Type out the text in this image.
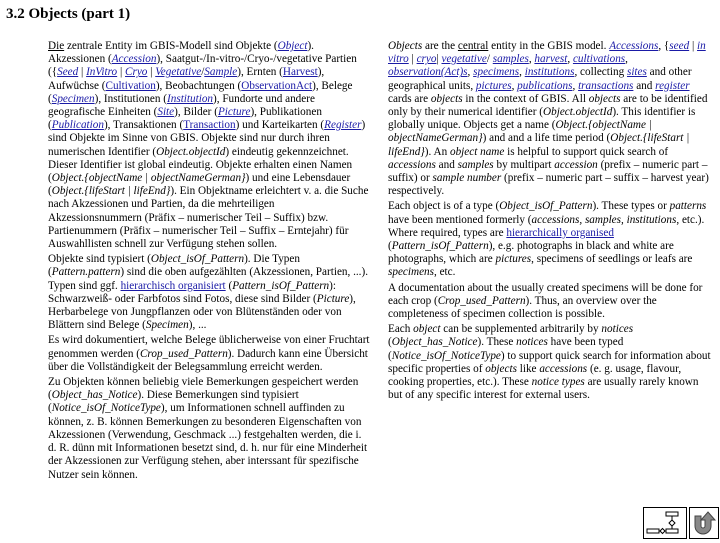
3.2 Objects (part 1)

Die zentrale Entity im GBIS-Modell sind Objekte (Object). Akzessionen (Accession), Saatgut-/In-vitro-/Cryo-/vegetative Partien ({Seed | InVitro | Cryo | Vegetative/Sample), Ernten (Harvest), Aufwüchse (Cultivation), Beobachtungen (ObservationAct), Belege (Specimen), Institutionen (Institution), Fundorte und andere geografische Einheiten (Site), Bilder (Picture), Publikationen (Publication), Transaktionen (Transaction) und Karteikarten (Register) sind Objekte im Sinne von GBIS. Objekte sind nur durch ihren numerischen Identifier (Object.objectId) eindeutig gekennzeichnet. Dieser Identifier ist global eindeutig. Objekte erhalten einen Namen (Object.{objectName | objectNameGerman}) und eine Lebensdauer (Object.{lifeStart | lifeEnd}). Ein Objektname erleichtert v. a. die Suche nach Akzessionen und Partien, da die mehrteiligen Akzessionsnummern (Präfix – numerischer Teil – Suffix) bzw. Partienummern (Präfix – numerischer Teil – Suffix – Erntejahr) für Auswahllisten schnell zur Verfügung stehen sollen.

Objekte sind typisiert (Object_isOf_Pattern). Die Typen (Pattern.pattern) sind die oben aufgezählten (Akzessionen, Partien, ...). Typen sind ggf. hierarchisch organisiert (Pattern_isOf_Pattern): Schwarzweiß- oder Farbfotos sind Fotos, diese sind Bilder (Picture), Herbarbelege von Jungpflanzen oder von Blütenständen oder von Blättern sind Belege (Specimen), ...

Es wird dokumentiert, welche Belege üblicherweise von einer Fruchtart genommen werden (Crop_used_Pattern). Dadurch kann eine Übersicht über die Vollständigkeit der Belegsammlung erreicht werden.

Zu Objekten können beliebig viele Bemerkungen gespeichert werden (Object_has_Notice). Diese Bemerkungen sind typisiert (Notice_isOf_NoticeType), um Informationen schnell auffinden zu können, z. B. können Bemerkungen zu besonderen Eigenschaften von Akzessionen (Verwendung, Geschmack ...) festgehalten werden, die i. d. R. dünn mit Informationen besetzt sind, d. h. nur für eine Minderheit der Akzessionen zur Verfügung stehen, aber interssant für spezifische Nutzer sein können.

Objects are the central entity in the GBIS model. Accessions, {seed | in vitro | cryo| vegetative/ samples, harvest, cultivations, observation(Act)s, specimens, institutions, collecting sites and other geographical units, pictures, publications, transactions and register cards are objects in the context of GBIS. All objects are to be identified only by their numerical identifier (Object.objectId). This identifier is globally unique. Objects get a name (Object.{objectName | objectNameGerman}) and and a life time period (Object.{lifeStart | lifeEnd}). An object name is helpful to support quick search of accessions and samples by multipart accession (prefix – numeric part – suffix) or sample number (prefix – numeric part – suffix – harvest year) respectively.

Each object is of a type (Object_isOf_Pattern). These types or patterns have been mentioned formerly (accessions, samples, institutions, etc.). Where required, types are hierarchically organised (Pattern_isOf_Pattern), e.g. photographs in black and white are photographs, which are pictures, specimens of seedlings or leafs are specimens, etc.

A documentation about the usually created specimens will be done for each crop (Crop_used_Pattern). Thus, an overview over the completeness of specimen collection is possible.

Each object can be supplemented arbitrarily by notices (Object_has_Notice). These notices have been typed (Notice_isOf_NoticeType) to support quick search for information about specific properties of objects like accessions (e. g. usage, flavour, cooking properties, etc.). These notice types are usually rarely known but of any specific interest for external users.
